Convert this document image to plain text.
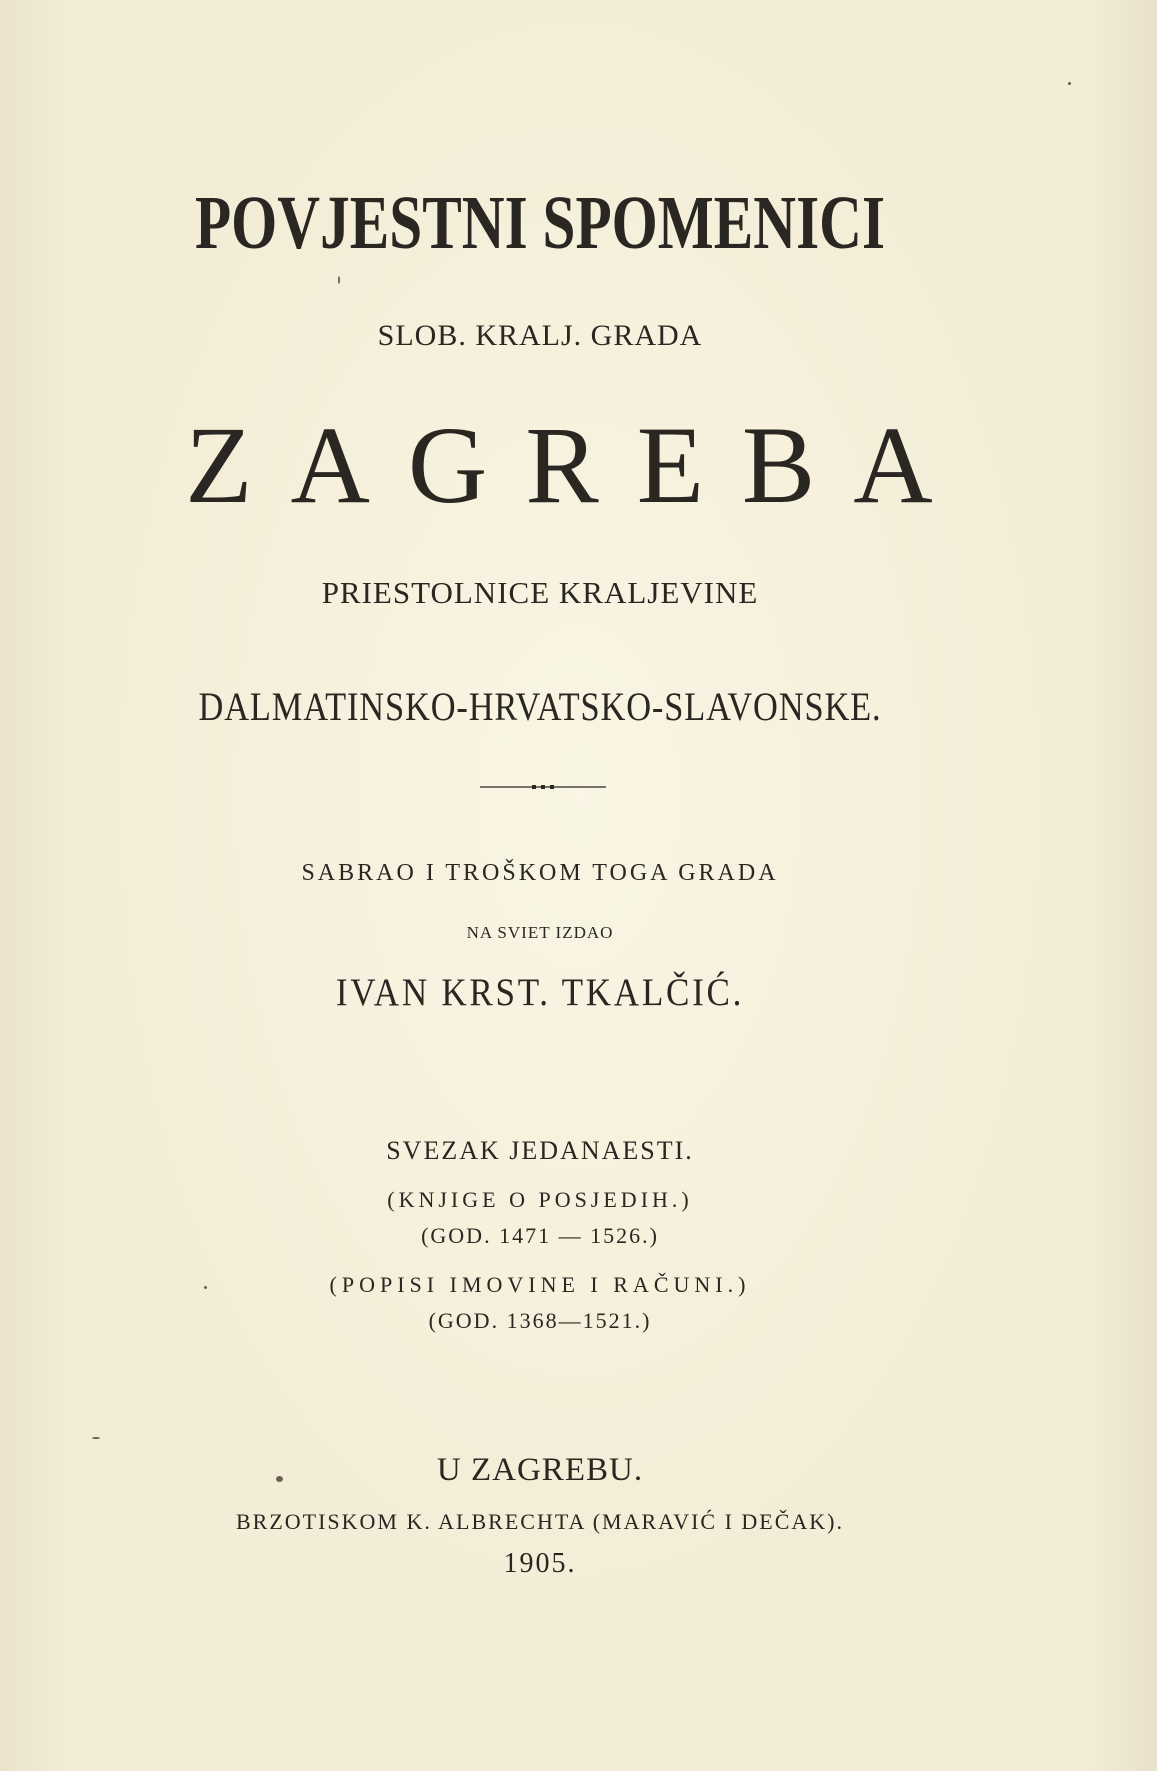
POVJESTNI SPOMENICI

SLOB. KRALJ. GRADA

ZAGREBA

PRIESTOLNICE KRALJEVINE

DALMATINSKO-HRVATSKO-SLAVONSKE.

SABRAO I TROŠKOM TOGA GRADA

NA SVIET IZDAO

IVAN KRST. TKALČIĆ.

SVEZAK JEDANAESTI.

(KNJIGE O POSJEDIH.)

(GOD. 1471 — 1526.)

(POPISI IMOVINE I RAČUNI.)

(GOD. 1368—1521.)

U ZAGREBU.

BRZOTISKOM K. ALBRECHTA (MARAVIĆ I DEČAK).

1905.
